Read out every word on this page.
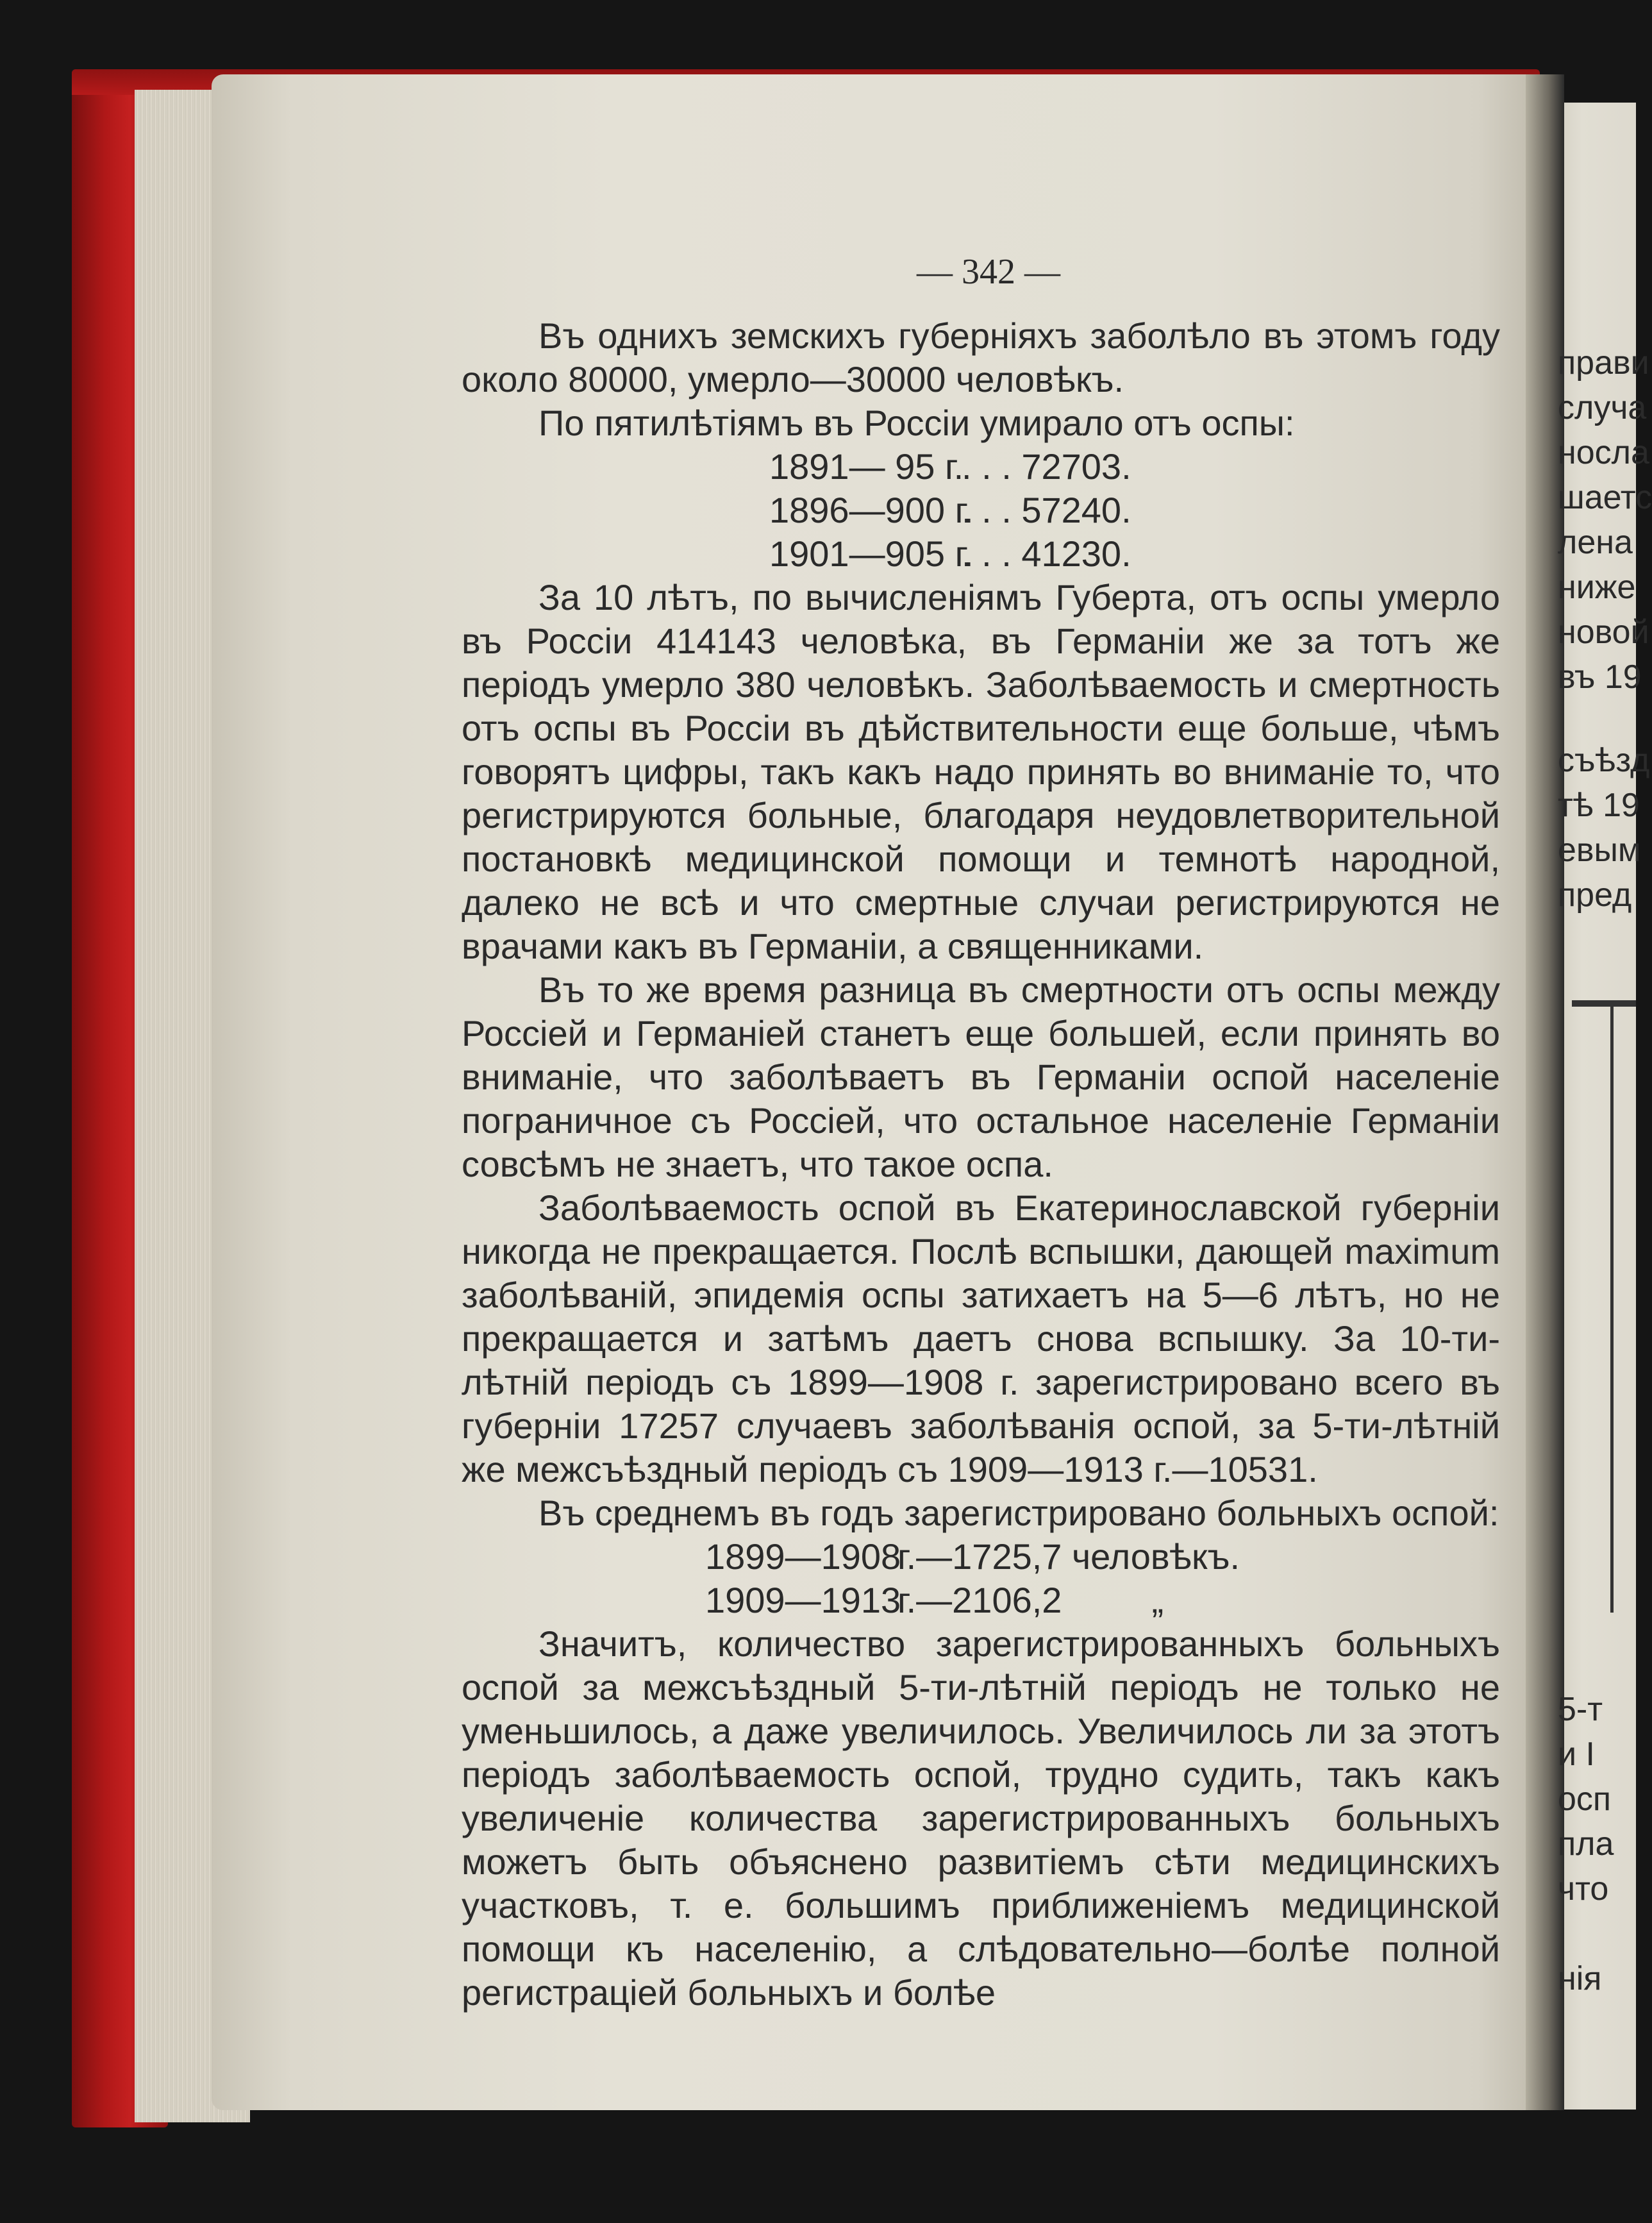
— 342 —

Въ однихъ земскихъ губерніяхъ заболѣло въ этомъ году около 80000, умерло—30000 человѣкъ.

По пятилѣтіямъ въ Россіи умирало отъ оспы:

1891— 95 г.
. . . 72703.
1896—900 г.
. . . 57240.
1901—905 г.
. . . 41230.

За 10 лѣтъ, по вычисленіямъ Губерта, отъ оспы умерло въ Россіи 414143 человѣка, въ Германіи же за тотъ же періодъ умерло 380 человѣкъ. Заболѣваемость и смертность отъ оспы въ Россіи въ дѣйствительности еще больше, чѣмъ говорятъ цифры, такъ какъ надо принять во вниманіе то, что регистрируются больные, благодаря неудовлетворительной постановкѣ медицинской помощи и темнотѣ народной, далеко не всѣ и что смертные случаи регистрируются не врачами какъ въ Германіи, а священниками.

Въ то же время разница въ смертности отъ оспы между Россіей и Германіей станетъ еще большей, если принять во вниманіе, что заболѣваетъ въ Германіи оспой населеніе пограничное съ Россіей, что остальное населеніе Германіи совсѣмъ не знаетъ, что такое оспа.

Заболѣваемость оспой въ Екатеринославской губерніи никогда не прекращается. Послѣ вспышки, дающей maximum заболѣваній, эпидемія оспы затихаетъ на 5—6 лѣтъ, но не прекращается и затѣмъ даетъ снова вспышку. За 10-ти-лѣтній періодъ съ 1899—1908 г. зарегистрировано всего въ губерніи 17257 случаевъ заболѣванія оспой, за 5-ти-лѣтній же межсъѣздный періодъ съ 1909—1913 г.—10531.

Въ среднемъ въ годъ зарегистрировано больныхъ оспой:

1899—1908
г.—1725,7 человѣкъ.
1909—1913
г.—2106,2         „

Значитъ, количество зарегистрированныхъ больныхъ оспой за межсъѣздный 5-ти-лѣтній періодъ не только не уменьшилось, а даже увеличилось. Увеличилось ли за этотъ періодъ заболѣваемость оспой, трудно судить, такъ какъ увеличеніе количества зарегистрированныхъ больныхъ можетъ быть объяснено развитіемъ сѣти медицинскихъ участковъ, т. е. большимъ приближеніемъ медицинской помощи къ населенію, а слѣдовательно—болѣе полной регистраціей больныхъ и болѣе

прави
случа
носла
шаетс
лена
ниже
новой
въ 19
съѣзд
тѣ 19
евым
пред
5-т
и I
осп
пла
что
нія
